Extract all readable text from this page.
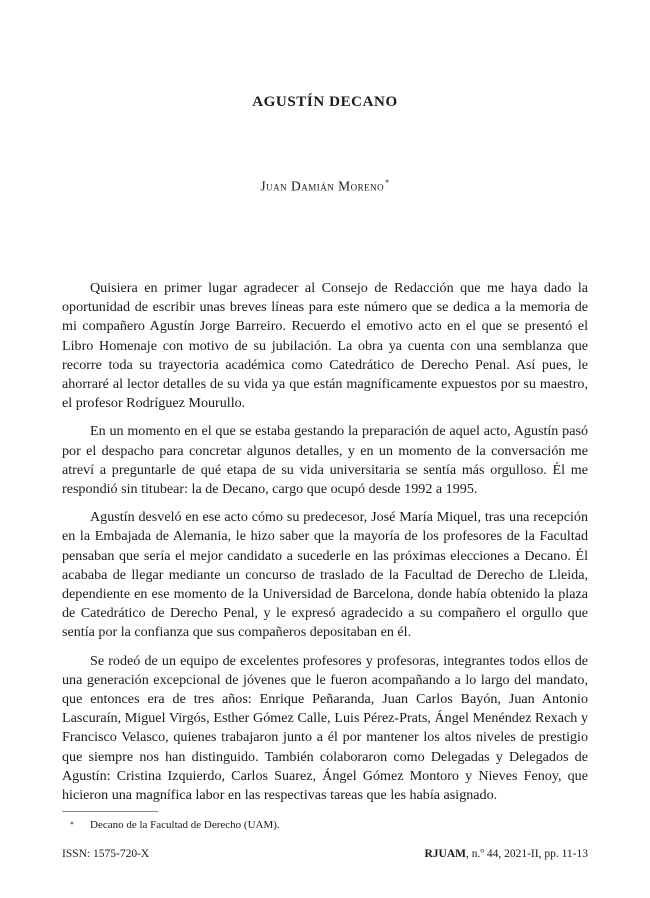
AGUSTÍN DECANO
Juan Damián Moreno*

Quisiera en primer lugar agradecer al Consejo de Redacción que me haya dado la oportunidad de escribir unas breves líneas para este número que se dedica a la memoria de mi compañero Agustín Jorge Barreiro. Recuerdo el emotivo acto en el que se presentó el Libro Homenaje con motivo de su jubilación. La obra ya cuenta con una semblanza que recorre toda su trayectoria académica como Catedrático de Derecho Penal. Así pues, le ahorraré al lector detalles de su vida ya que están magníficamente expuestos por su maestro, el profesor Rodríguez Mourullo.

En un momento en el que se estaba gestando la preparación de aquel acto, Agustín pasó por el despacho para concretar algunos detalles, y en un momento de la conversación me atreví a preguntarle de qué etapa de su vida universitaria se sentía más orgulloso. Él me respondió sin titubear: la de Decano, cargo que ocupó desde 1992 a 1995.

Agustín desveló en ese acto cómo su predecesor, José María Miquel, tras una recepción en la Embajada de Alemania, le hizo saber que la mayoría de los profesores de la Facultad pensaban que sería el mejor candidato a sucederle en las próximas elecciones a Decano. Él acababa de llegar mediante un concurso de traslado de la Facultad de Derecho de Lleida, dependiente en ese momento de la Universidad de Barcelona, donde había obtenido la plaza de Catedrático de Derecho Penal, y le expresó agradecido a su compañero el orgullo que sentía por la confianza que sus compañeros depositaban en él.

Se rodeó de un equipo de excelentes profesores y profesoras, integrantes todos ellos de una generación excepcional de jóvenes que le fueron acompañando a lo largo del mandato, que entonces era de tres años: Enrique Peñaranda, Juan Carlos Bayón, Juan Antonio Lascuraín, Miguel Virgós, Esther Gómez Calle, Luis Pérez-Prats, Ángel Menéndez Rexach y Francisco Velasco, quienes trabajaron junto a él por mantener los altos niveles de prestigio que siempre nos han distinguido. También colaboraron como Delegadas y Delegados de Agustín: Cristina Izquierdo, Carlos Suarez, Ángel Gómez Montoro y Nieves Fenoy, que hicieron una magnífica labor en las respectivas tareas que les había asignado.

* Decano de la Facultad de Derecho (UAM).
ISSN: 1575-720-X	RJUAM, n.º 44, 2021-II, pp. 11-13
